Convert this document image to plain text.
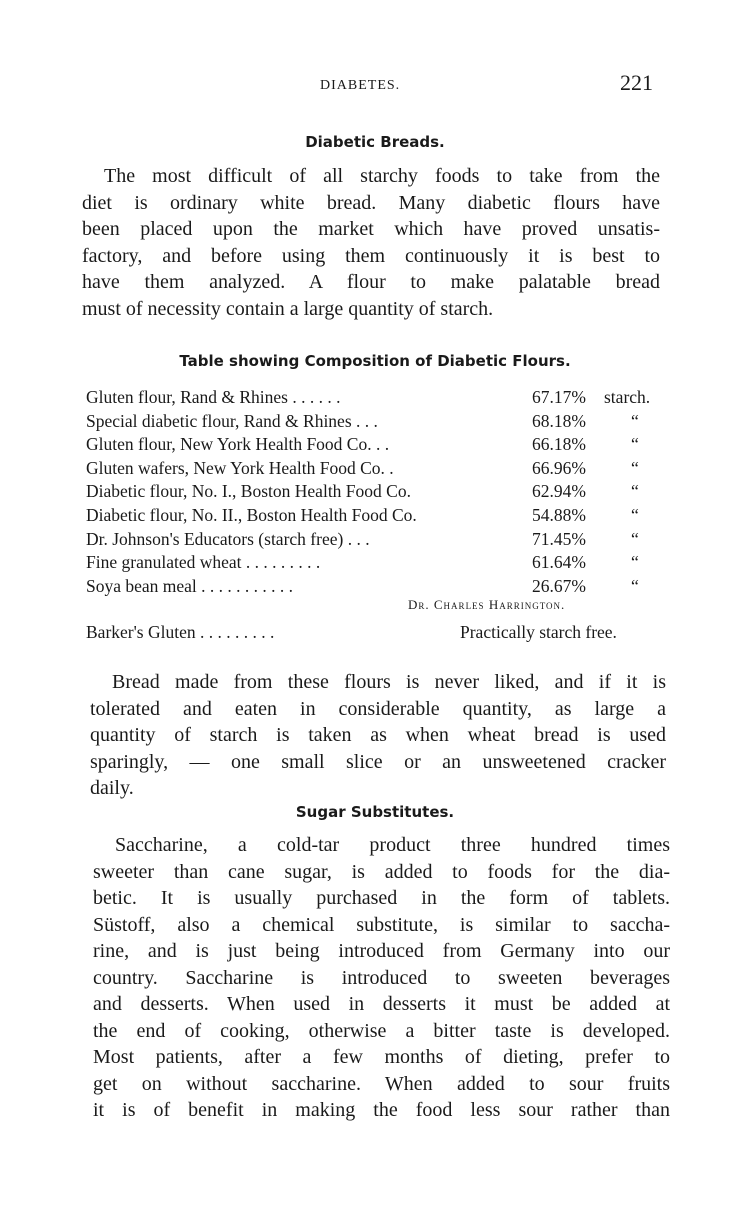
DIABETES.	221
Diabetic Breads.
The most difficult of all starchy foods to take from the
diet is ordinary white bread. Many diabetic flours have
been placed upon the market which have proved unsatis-
factory, and before using them continuously it is best to
have them analyzed. A flour to make palatable bread
must of necessity contain a large quantity of starch.
Table showing Composition of Diabetic Flours.
Gluten flour, Rand & Rhines . . . . . .	67.17% starch.
Special diabetic flour, Rand & Rhines . . .	68.18%	“
Gluten flour, New York Health Food Co. . .	66.18%	“
Gluten wafers, New York Health Food Co. .	66.96%	“
Diabetic flour, No. I., Boston Health Food Co.	62.94%	“
Diabetic flour, No. II., Boston Health Food Co.	54.88%	“
Dr. Johnson's Educators (starch free) . . .	71.45%	“
Fine granulated wheat . . . . . . . . .	61.64%	“
Soya bean meal . . . . . . . . . . .	26.67%	“
Dr. Charles Harrington.
Barker's Gluten . . . . . . . . .	Practically starch free.
Bread made from these flours is never liked, and if it is
tolerated and eaten in considerable quantity, as large a
quantity of starch is taken as when wheat bread is used
sparingly, — one small slice or an unsweetened cracker
daily.
Sugar Substitutes.
Saccharine, a cold-tar product three hundred times
sweeter than cane sugar, is added to foods for the dia-
betic. It is usually purchased in the form of tablets.
Süstoff, also a chemical substitute, is similar to saccha-
rine, and is just being introduced from Germany into our
country. Saccharine is introduced to sweeten beverages
and desserts. When used in desserts it must be added at
the end of cooking, otherwise a bitter taste is developed.
Most patients, after a few months of dieting, prefer to
get on without saccharine. When added to sour fruits
it is of benefit in making the food less sour rather than
